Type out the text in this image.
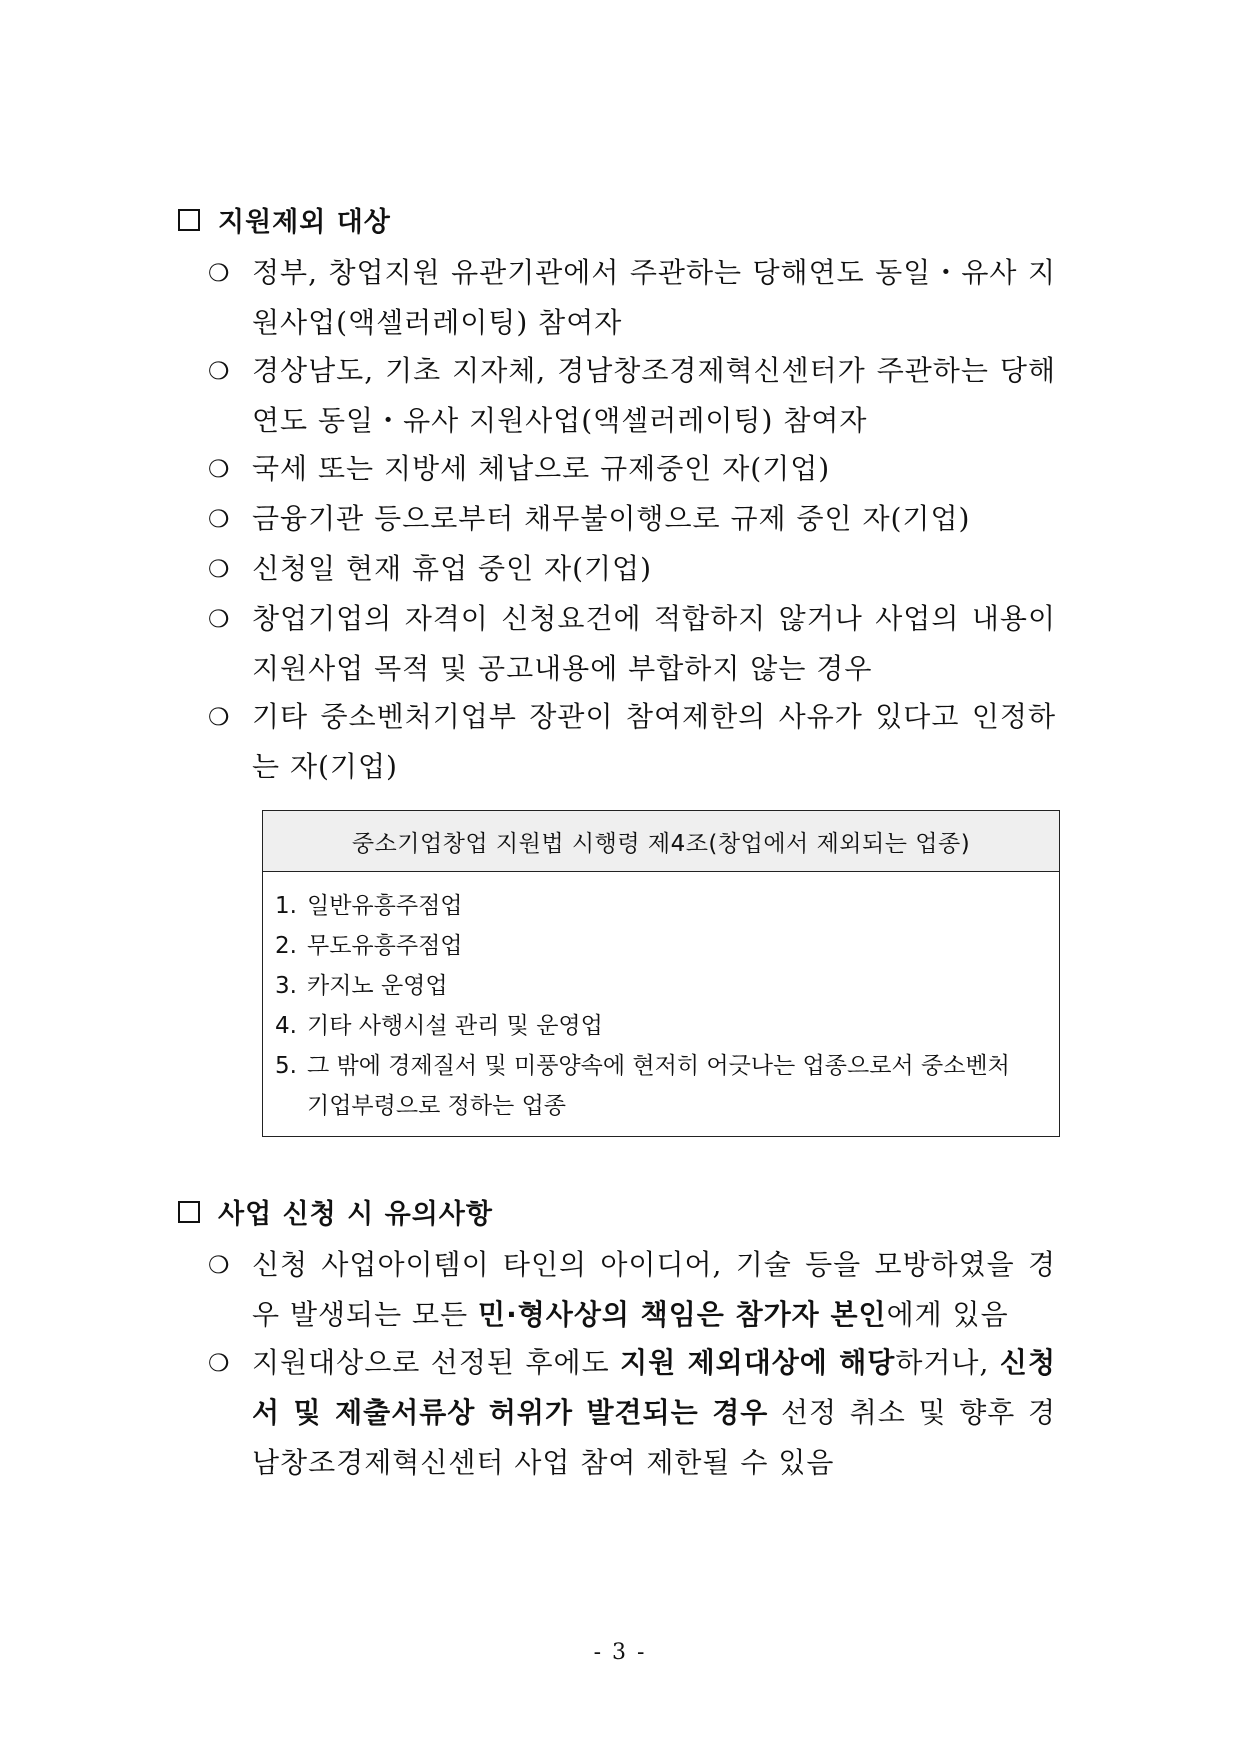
지원제외 대상
❍ 정부, 창업지원 유관기관에서 주관하는 당해연도 동일・유사 지원사업(액셀러레이팅) 참여자
❍ 경상남도, 기초 지자체, 경남창조경제혁신센터가 주관하는 당해연도 동일・유사 지원사업(액셀러레이팅) 참여자
❍ 국세 또는 지방세 체납으로 규제중인 자(기업)
❍ 금융기관 등으로부터 채무불이행으로 규제 중인 자(기업)
❍ 신청일 현재 휴업 중인 자(기업)
❍ 창업기업의 자격이 신청요건에 적합하지 않거나 사업의 내용이 지원사업 목적 및 공고내용에 부합하지 않는 경우
❍ 기타 중소벤처기업부 장관이 참여제한의 사유가 있다고 인정하는 자(기업)
중소기업창업 지원법 시행령 제4조(창업에서 제외되는 업종)
1. 일반유흥주점업
2. 무도유흥주점업
3. 카지노 운영업
4. 기타 사행시설 관리 및 운영업
5. 그 밖에 경제질서 및 미풍양속에 현저히 어긋나는 업종으로서 중소벤처기업부령으로 정하는 업종
사업 신청 시 유의사항
❍ 신청 사업아이템이 타인의 아이디어, 기술 등을 모방하였을 경우 발생되는 모든 민·형사상의 책임은 참가자 본인에게 있음
❍ 지원대상으로 선정된 후에도 지원 제외대상에 해당하거나, 신청서 및 제출서류상 허위가 발견되는 경우 선정 취소 및 향후 경남창조경제혁신센터 사업 참여 제한될 수 있음
- 3 -
